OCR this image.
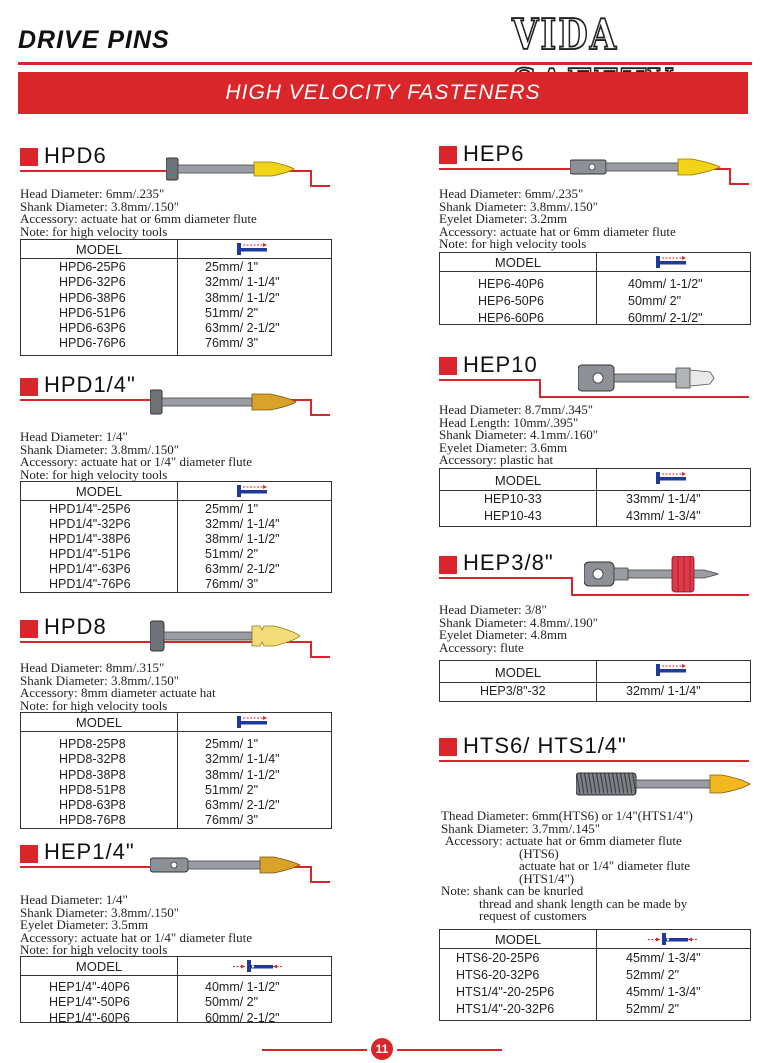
DRIVE PINS	VIDA
HIGH VELOCITY FASTENERS
HPD6
Head Diameter: 6mm/.235"
Shank Diameter: 3.8mm/.150"
Accessory: actuate hat or 6mm diameter flute
Note: for high velocity tools
MODEL
HPD6-25P6	25mm/ 1"
HPD6-32P6	32mm/ 1-1/4"
HPD6-38P6	38mm/ 1-1/2"
HPD6-51P6	51mm/ 2"
HPD6-63P6	63mm/ 2-1/2"
HPD6-76P6	76mm/ 3"
HPD1/4"
Head Diameter: 1/4"
Shank Diameter: 3.8mm/.150"
Accessory: actuate hat or 1/4" diameter flute
Note: for high velocity tools
MODEL
HPD1/4"-25P6	25mm/ 1"
HPD1/4"-32P6	32mm/ 1-1/4"
HPD1/4"-38P6	38mm/ 1-1/2"
HPD1/4"-51P6	51mm/ 2"
HPD1/4"-63P6	63mm/ 2-1/2"
HPD1/4"-76P6	76mm/ 3"
HPD8
Head Diameter: 8mm/.315"
Shank Diameter: 3.8mm/.150"
Accessory: 8mm diameter actuate hat
Note: for high velocity tools
MODEL
HPD8-25P8	25mm/ 1"
HPD8-32P8	32mm/ 1-1/4"
HPD8-38P8	38mm/ 1-1/2"
HPD8-51P8	51mm/ 2"
HPD8-63P8	63mm/ 2-1/2"
HPD8-76P8	76mm/ 3"
HEP1/4"
Head Diameter: 1/4"
Shank Diameter: 3.8mm/.150"
Eyelet Diameter: 3.5mm
Accessory: actuate hat or 1/4" diameter flute
Note: for high velocity tools
MODEL
HEP1/4"-40P6	40mm/ 1-1/2"
HEP1/4"-50P6	50mm/ 2"
HEP1/4"-60P6	60mm/ 2-1/2"
HEP6
Head Diameter: 6mm/.235"
Shank Diameter: 3.8mm/.150"
Eyelet Diameter: 3.2mm
Accessory: actuate hat or 6mm diameter flute
Note: for high velocity tools
MODEL
HEP6-40P6	40mm/ 1-1/2"
HEP6-50P6	50mm/ 2"
HEP6-60P6	60mm/ 2-1/2"
HEP10
Head Diameter: 8.7mm/.345"
Head Length: 10mm/.395"
Shank Diameter: 4.1mm/.160"
Eyelet Diameter: 3.6mm
Accessory: plastic hat
MODEL
HEP10-33	33mm/ 1-1/4"
HEP10-43	43mm/ 1-3/4"
HEP3/8"
Head Diameter: 3/8"
Shank Diameter: 4.8mm/.190"
Eyelet Diameter: 4.8mm
Accessory: flute
MODEL
HEP3/8"-32	32mm/ 1-1/4"
HTS6/ HTS1/4"
Thead Diameter: 6mm(HTS6) or 1/4"(HTS1/4")
Shank Diameter: 3.7mm/.145"
Accessory: actuate hat or 6mm diameter flute
(HTS6)
actuate hat or 1/4" diameter flute
(HTS1/4")
Note: shank can be knurled
thread and shank length can be made by
request of customers
MODEL
HTS6-20-25P6	45mm/ 1-3/4"
HTS6-20-32P6	52mm/ 2"
HTS1/4"-20-25P6	45mm/ 1-3/4"
HTS1/4"-20-32P6	52mm/ 2"
11
